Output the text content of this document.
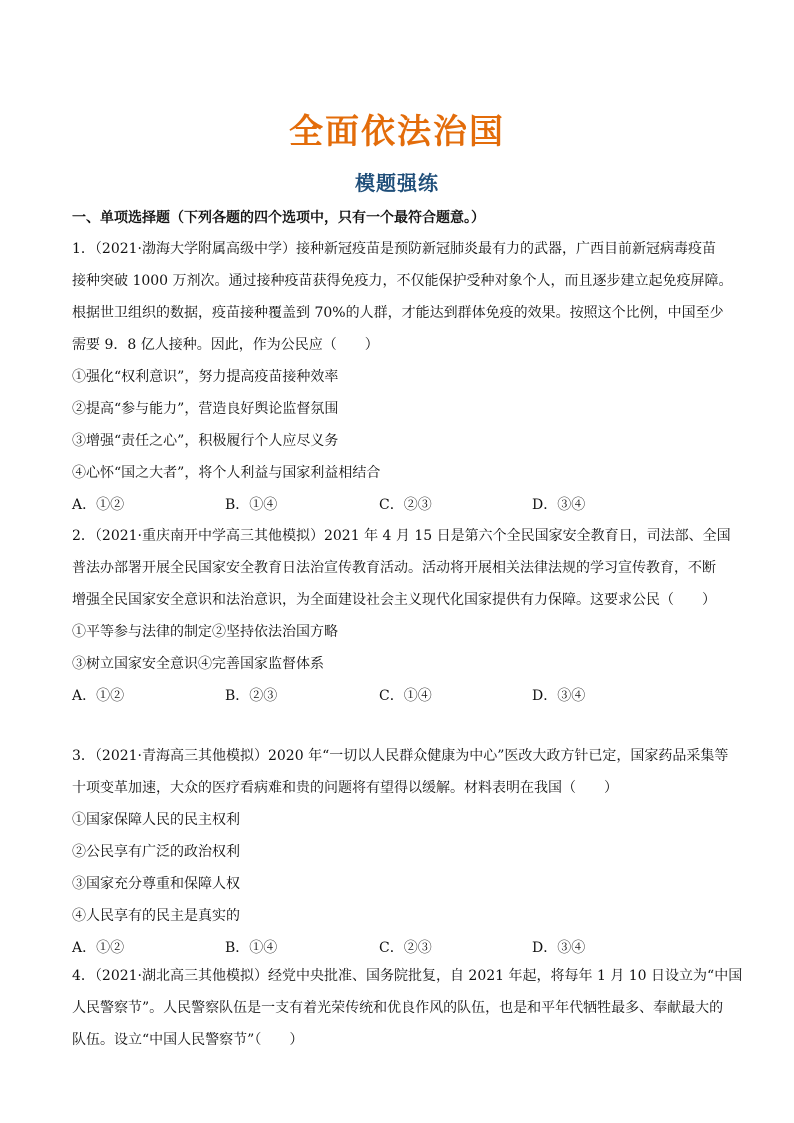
全面依法治国
模题强练
一、单项选择题（下列各题的四个选项中，只有一个最符合题意。）

1．（2021·渤海大学附属高级中学）接种新冠疫苗是预防新冠肺炎最有力的武器，广西目前新冠病毒疫苗

接种突破 1000 万剂次。通过接种疫苗获得免疫力，不仅能保护受种对象个人，而且逐步建立起免疫屏障。

根据世卫组织的数据，疫苗接种覆盖到 70%的人群，才能达到群体免疫的效果。按照这个比例，中国至少

需要 9．8 亿人接种。因此，作为公民应（　　）

①强化“权利意识”，努力提高疫苗接种效率

②提高“参与能力”，营造良好舆论监督氛围

③增强“责任之心”，积极履行个人应尽义务

④心怀“国之大者”，将个人利益与国家利益相结合

A．①②	B．①④	C．②③	D．③④

2．（2021·重庆南开中学高三其他模拟）2021 年 4 月 15 日是第六个全民国家安全教育日，司法部、全国

普法办部署开展全民国家安全教育日法治宣传教育活动。活动将开展相关法律法规的学习宣传教育，不断

增强全民国家安全意识和法治意识，为全面建设社会主义现代化国家提供有力保障。这要求公民（　　）

①平等参与法律的制定②坚持依法治国方略

③树立国家安全意识④完善国家监督体系

A．①②	B．②③	C．①④	D．③④

3．（2021·青海高三其他模拟）2020 年“一切以人民群众健康为中心”医改大政方针已定，国家药品采集等

十项变革加速，大众的医疗看病难和贵的问题将有望得以缓解。材料表明在我国（　　）

①国家保障人民的民主权利

②公民享有广泛的政治权利

③国家充分尊重和保障人权

④人民享有的民主是真实的

A．①②	B．①④	C．②③	D．③④

4．（2021·湖北高三其他模拟）经党中央批准、国务院批复，自 2021 年起，将每年 1 月 10 日设立为“中国

人民警察节”。人民警察队伍是一支有着光荣传统和优良作风的队伍，也是和平年代牺牲最多、奉献最大的

队伍。设立“中国人民警察节”（　　）
